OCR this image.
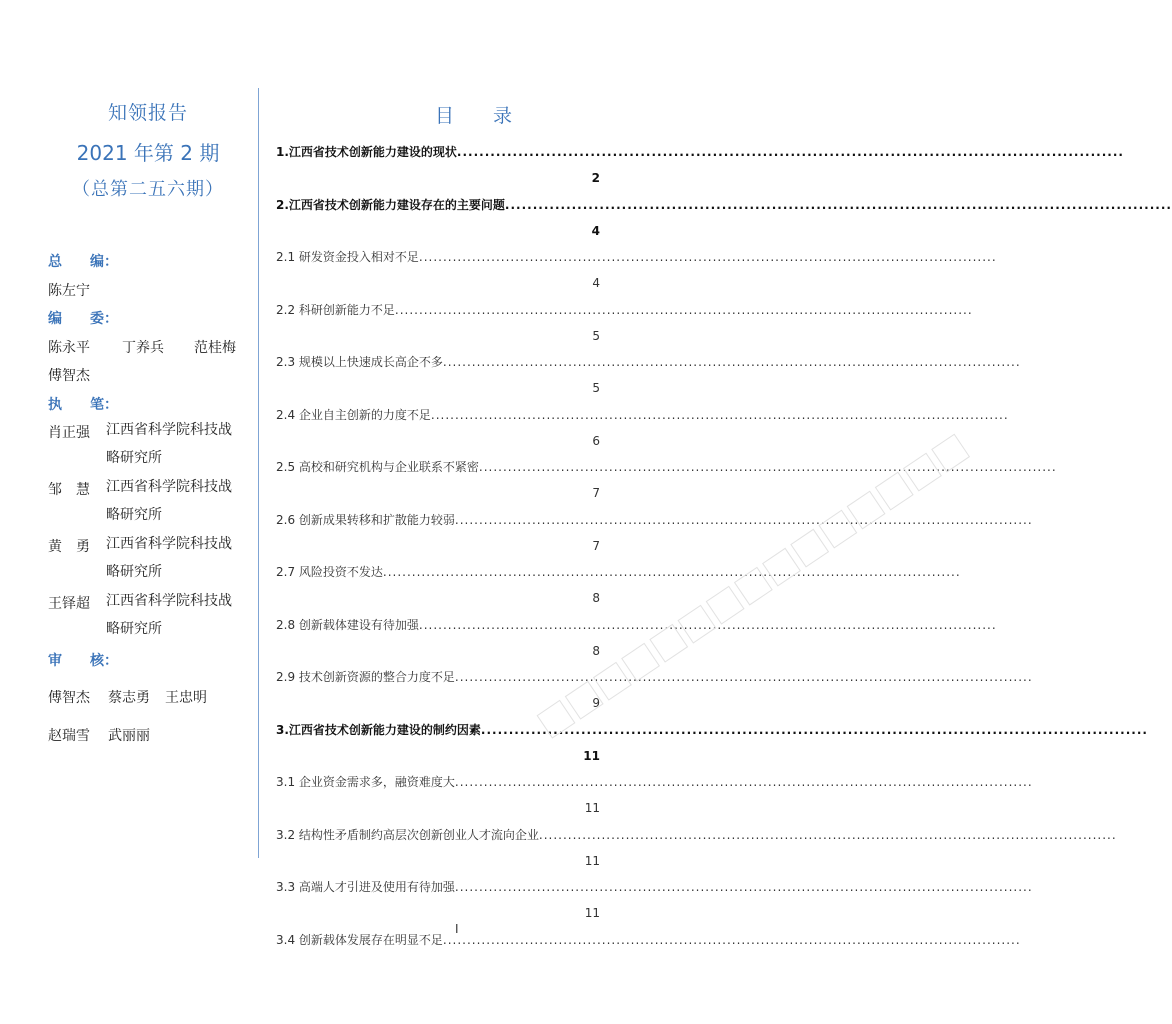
知领报告
2021 年第 2 期
（总第二五六期）
总 编：
陈左宁
编 委：
陈永平 丁养兵 范桂梅
傅智杰
执 笔：
肖正强 江西省科学院科技战
略研究所
邹　慧 江西省科学院科技战
略研究所
黄　勇 江西省科学院科技战
略研究所
王铎超 江西省科学院科技战
略研究所
审 核：
傅智杰 蔡志勇 王忠明
赵瑞雪 武丽丽
目　录
1.江西省技术创新能力建设的现状........................................................................................................................
2
2.江西省技术创新能力建设存在的主要问题........................................................................................................................
4
2.1 研发资金投入相对不足........................................................................................................................
4
2.2 科研创新能力不足........................................................................................................................
5
2.3 规模以上快速成长高企不多........................................................................................................................
5
2.4 企业自主创新的力度不足........................................................................................................................
6
2.5 高校和研究机构与企业联系不紧密........................................................................................................................
7
2.6 创新成果转移和扩散能力较弱........................................................................................................................
7
2.7 风险投资不发达........................................................................................................................
8
2.8 创新载体建设有待加强........................................................................................................................
8
2.9 技术创新资源的整合力度不足........................................................................................................................
9
3.江西省技术创新能力建设的制约因素........................................................................................................................
11
3.1 企业资金需求多，融资难度大........................................................................................................................
11
3.2 结构性矛盾制约高层次创新创业人才流向企业........................................................................................................................
11
3.3 高端人才引进及使用有待加强........................................................................................................................
11
3.4 创新载体发展存在明显不足........................................................................................................................
I
